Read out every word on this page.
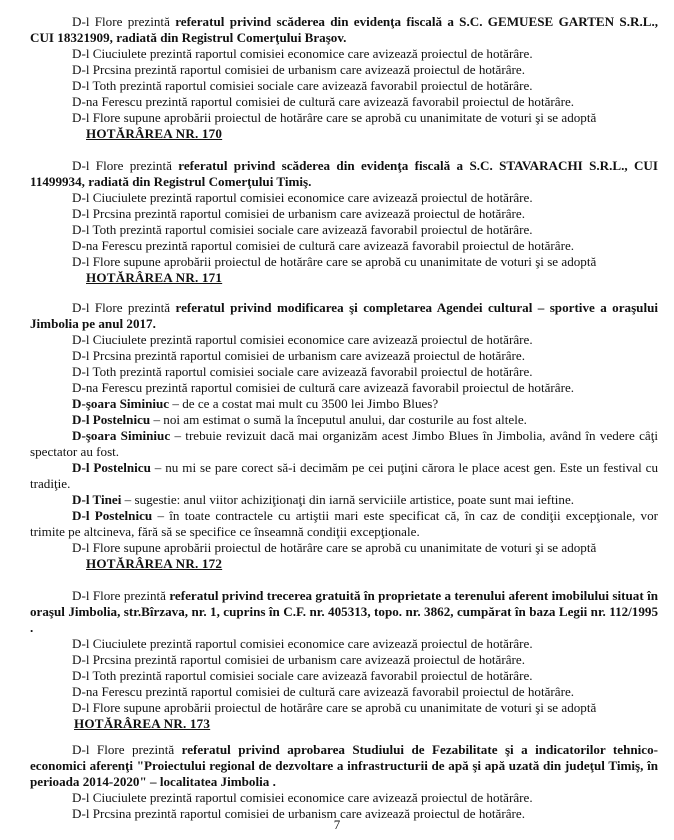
D-l Flore prezintă referatul privind scăderea din evidenţa fiscală a S.C. GEMUESE GARTEN S.R.L., CUI 18321909, radiată din Registrul Comerţului Braşov.
D-l Ciuciulete prezintă raportul comisiei economice care avizează proiectul de hotărâre.
D-l Prcsina prezintă raportul comisiei de urbanism care avizează proiectul de hotărâre.
D-l Toth prezintă raportul comisiei sociale care avizează favorabil proiectul de hotărâre.
D-na Ferescu prezintă raportul comisiei de cultură care avizează favorabil proiectul de hotărâre.
D-l Flore supune aprobării proiectul de hotărâre care se aprobă cu unanimitate de voturi şi se adoptă
HOTĂRÂREA NR. 170
D-l Flore prezintă referatul privind scăderea din evidenţa fiscală a S.C. STAVARACHI S.R.L., CUI 11499934, radiată din Registrul Comerţului Timiş.
D-l Ciuciulete prezintă raportul comisiei economice care avizează proiectul de hotărâre.
D-l Prcsina prezintă raportul comisiei de urbanism care avizează proiectul de hotărâre.
D-l Toth prezintă raportul comisiei sociale care avizează favorabil proiectul de hotărâre.
D-na Ferescu prezintă raportul comisiei de cultură care avizează favorabil proiectul de hotărâre.
D-l Flore supune aprobării proiectul de hotărâre care se aprobă cu unanimitate de voturi şi se adoptă
HOTĂRÂREA NR. 171
D-l Flore prezintă referatul privind modificarea şi completarea Agendei cultural – sportive a oraşului Jimbolia pe anul 2017.
D-l Ciuciulete prezintă raportul comisiei economice care avizează proiectul de hotărâre.
D-l Prcsina prezintă raportul comisiei de urbanism care avizează proiectul de hotărâre.
D-l Toth prezintă raportul comisiei sociale care avizează favorabil proiectul de hotărâre.
D-na Ferescu prezintă raportul comisiei de cultură care avizează favorabil proiectul de hotărâre.
D-şoara Siminiuc – de ce a costat mai mult cu 3500 lei Jimbo Blues?
D-l Postelnicu – noi am estimat o sumă la începutul anului, dar costurile au fost altele.
D-şoara Siminiuc – trebuie revizuit dacă mai organizăm acest Jimbo Blues în Jimbolia, având în vedere câţi spectator au fost.
D-l Postelnicu – nu mi se pare corect să-i decimăm pe cei puţini cărora le place acest gen. Este un festival cu tradiţie.
D-l Tinei – sugestie: anul viitor achiziţionaţi din iarnă serviciile artistice, poate sunt mai ieftine.
D-l Postelnicu – în toate contractele cu artiştii mari este specificat că, în caz de condiţii excepţionale, vor trimite pe altcineva, fără să se specifice ce înseamnă condiţii excepţionale.
D-l Flore supune aprobării proiectul de hotărâre care se aprobă cu unanimitate de voturi şi se adoptă
HOTĂRÂREA NR. 172
D-l Flore prezintă referatul privind trecerea gratuită în proprietate a terenului aferent imobilului situat în oraşul Jimbolia, str.Bîrzava, nr. 1, cuprins în C.F. nr. 405313, topo. nr. 3862, cumpărat în baza Legii nr. 112/1995 .
D-l Ciuciulete prezintă raportul comisiei economice care avizează proiectul de hotărâre.
D-l Prcsina prezintă raportul comisiei de urbanism care avizează proiectul de hotărâre.
D-l Toth prezintă raportul comisiei sociale care avizează favorabil proiectul de hotărâre.
D-na Ferescu prezintă raportul comisiei de cultură care avizează favorabil proiectul de hotărâre.
D-l Flore supune aprobării proiectul de hotărâre care se aprobă cu unanimitate de voturi şi se adoptă
HOTĂRÂREA NR. 173
D-l Flore prezintă referatul privind aprobarea Studiului de Fezabilitate şi a indicatorilor tehnico-economici aferenţi "Proiectului regional de dezvoltare a infrastructurii de apă şi apă uzată din judeţul Timiş, în perioada 2014-2020" – localitatea Jimbolia .
D-l Ciuciulete prezintă raportul comisiei economice care avizează proiectul de hotărâre.
D-l Prcsina prezintă raportul comisiei de urbanism care avizează proiectul de hotărâre.
7
